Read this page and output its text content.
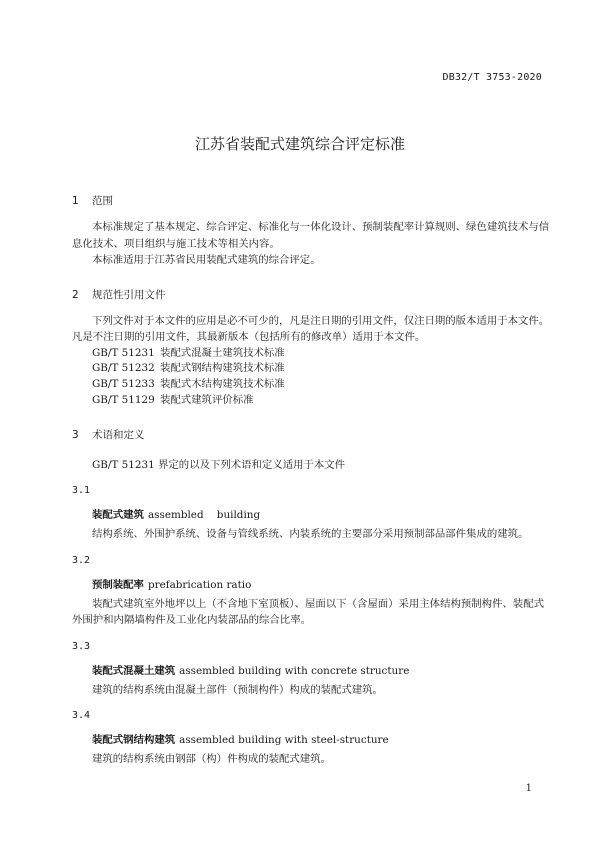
DB32/T 3753-2020
江苏省装配式建筑综合评定标准
1 范围

本标准规定了基本规定、综合评定、标准化与一体化设计、预制装配率计算规则、绿色建筑技术与信息化技术、项目组织与施工技术等相关内容。

本标准适用于江苏省民用装配式建筑的综合评定。

2 规范性引用文件

下列文件对于本文件的应用是必不可少的，凡是注日期的引用文件，仅注日期的版本适用于本文件。凡是不注日期的引用文件，其最新版本（包括所有的修改单）适用于本文件。

GB/T 51231 装配式混凝土建筑技术标准
GB/T 51232 装配式钢结构建筑技术标准
GB/T 51233 装配式木结构建筑技术标准
GB/T 51129 装配式建筑评价标准
3 术语和定义

GB/T 51231 界定的以及下列术语和定义适用于本文件

3.1
装配式建筑 assembled    building

结构系统、外围护系统、设备与管线系统、内装系统的主要部分采用预制部品部件集成的建筑。

3.2
预制装配率 prefabrication ratio

装配式建筑室外地坪以上（不含地下室顶板）、屋面以下（含屋面）采用主体结构预制构件、装配式外围护和内隔墙构件及工业化内装部品的综合比率。

3.3
装配式混凝土建筑 assembled building with concrete structure

建筑的结构系统由混凝土部件（预制构件）构成的装配式建筑。

3.4
装配式钢结构建筑 assembled building with steel-structure

建筑的结构系统由钢部（构）件构成的装配式建筑。

1
